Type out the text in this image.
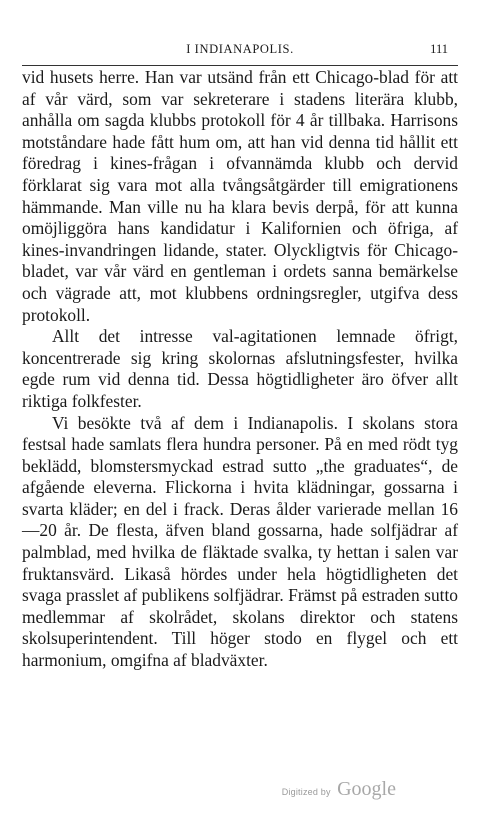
I INDIANAPOLIS.	111

vid husets herre. Han var utsänd från ett Chicago-blad för att af vår värd, som var sekreterare i stadens literära klubb, anhålla om sagda klubbs protokoll för 4 år tillbaka. Harrisons motståndare hade fått hum om, att han vid denna tid hållit ett föredrag i kines-frågan i ofvannämda klubb och dervid förklarat sig vara mot alla tvångsåtgärder till emigrationens hämmande. Man ville nu ha klara bevis derpå, för att kunna omöjliggöra hans kandidatur i Kalifornien och öfriga, af kines-invandringen lidande, stater. Olyckligtvis för Chicago-bladet, var vår värd en gentleman i ordets sanna bemärkelse och vägrade att, mot klubbens ordningsregler, utgifva dess protokoll.

Allt det intresse val-agitationen lemnade öfrigt, koncentrerade sig kring skolornas afslutningsfester, hvilka egde rum vid denna tid. Dessa högtidligheter äro öfver allt riktiga folkfester.

Vi besökte två af dem i Indianapolis. I skolans stora festsal hade samlats flera hundra personer. På en med rödt tyg beklädd, blomstersmyckad estrad sutto „the graduates“, de afgående eleverna. Flickorna i hvita klädningar, gossarna i svarta kläder; en del i frack. Deras ålder varierade mellan 16—20 år. De flesta, äfven bland gossarna, hade solfjädrar af palmblad, med hvilka de fläktade svalka, ty hettan i salen var fruktansvärd. Likaså hördes under hela högtidligheten det svaga prasslet af publikens solfjädrar. Främst på estraden sutto medlemmar af skolrådet, skolans direktor och statens skolsuperintendent. Till höger stodo en flygel och ett harmonium, omgifna af bladväxter.

Digitized by Google
